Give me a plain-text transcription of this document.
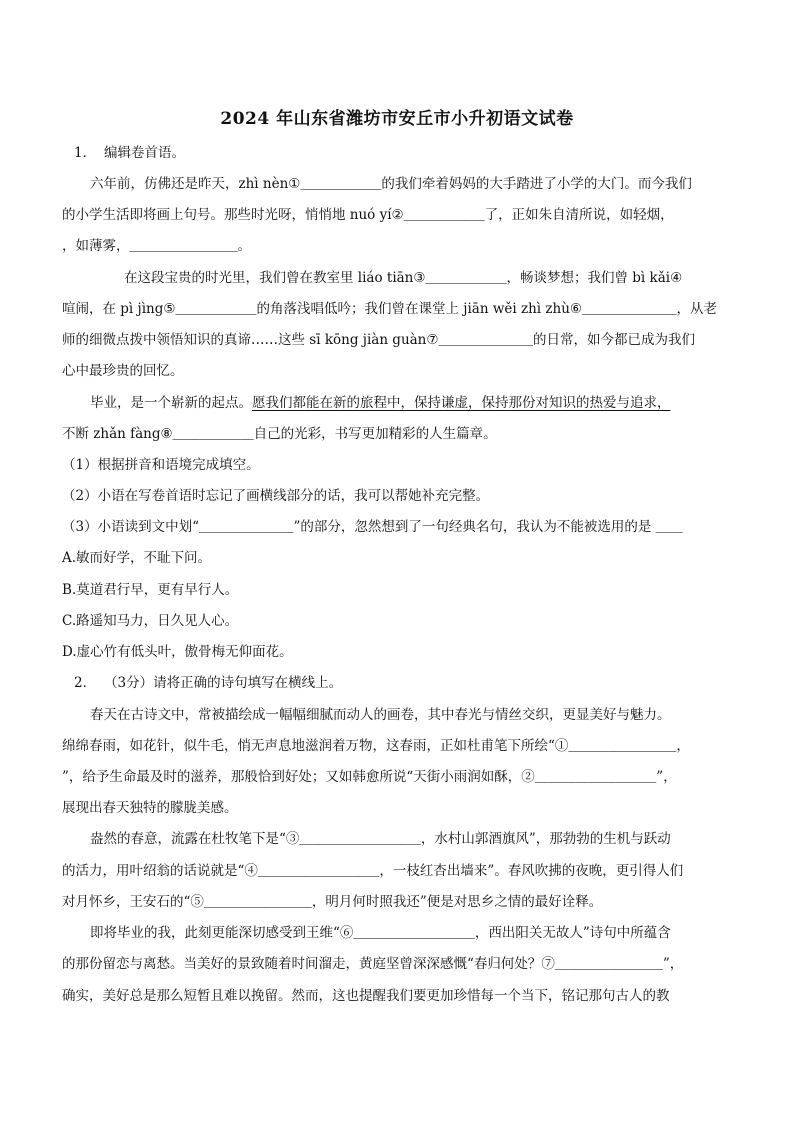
2024 年山东省潍坊市安丘市小升初语文试卷
1． 编辑卷首语。
六年前，仿佛还是昨天，zhì nèn①＿＿＿＿＿＿的我们牵着妈妈的大手踏进了小学的大门。而今我们
的小学生活即将画上句号。那些时光呀，悄悄地 nuó yí②＿＿＿＿＿＿了，正如朱自清所说，如轻烟，
，如薄雾，＿＿＿＿＿＿＿＿。
在这段宝贵的时光里，我们曾在教室里 liáo tiān③＿＿＿＿＿＿，畅谈梦想；我们曾 bì kǎi④
喧闹，在 pì jìng⑤＿＿＿＿＿＿的角落浅唱低吟；我们曾在课堂上 jiān wěi zhì zhù⑥＿＿＿＿＿＿＿，从老
师的细微点拨中领悟知识的真谛……这些 sī kōng jiàn guàn⑦＿＿＿＿＿＿＿的日常，如今都已成为我们
心中最珍贵的回忆。
毕业，是一个崭新的起点。愿我们都能在新的旅程中，保持谦虚，保持那份对知识的热爱与追求，
不断 zhǎn fàng⑧＿＿＿＿＿＿自己的光彩，书写更加精彩的人生篇章。
（1）根据拼音和语境完成填空。
（2）小语在写卷首语时忘记了画横线部分的话，我可以帮她补充完整。
（3）小语读到文中划“＿＿＿＿＿＿＿”的部分，忽然想到了一句经典名句，我认为不能被选用的是 ＿＿
A.敏而好学，不耻下问。
B.莫道君行早，更有早行人。
C.路遥知马力，日久见人心。
D.虚心竹有低头叶，傲骨梅无仰面花。
2． （3分）请将正确的诗句填写在横线上。
春天在古诗文中，常被描绘成一幅幅细腻而动人的画卷，其中春光与情丝交织，更显美好与魅力。
绵绵春雨，如花针，似牛毛，悄无声息地滋润着万物，这春雨，正如杜甫笔下所绘“①＿＿＿＿＿＿＿＿，
”，给予生命最及时的滋养，那般恰到好处；又如韩愈所说“天街小雨润如酥，②＿＿＿＿＿＿＿＿＿”，
展现出春天独特的朦胧美感。
盎然的春意，流露在杜牧笔下是“③＿＿＿＿＿＿＿＿＿，水村山郭酒旗风”，那勃勃的生机与跃动
的活力，用叶绍翁的话说就是“④＿＿＿＿＿＿＿＿＿，一枝红杏出墙来”。春风吹拂的夜晚，更引得人们
对月怀乡，王安石的“⑤＿＿＿＿＿＿＿＿，明月何时照我还”便是对思乡之情的最好诠释。
即将毕业的我，此刻更能深切感受到王维“⑥＿＿＿＿＿＿＿＿＿，西出阳关无故人”诗句中所蕴含
的那份留恋与离愁。当美好的景致随着时间溜走，黄庭坚曾深深感慨“春归何处？⑦＿＿＿＿＿＿＿＿”，
确实，美好总是那么短暂且难以挽留。然而，这也提醒我们要更加珍惜每一个当下，铭记那句古人的教
